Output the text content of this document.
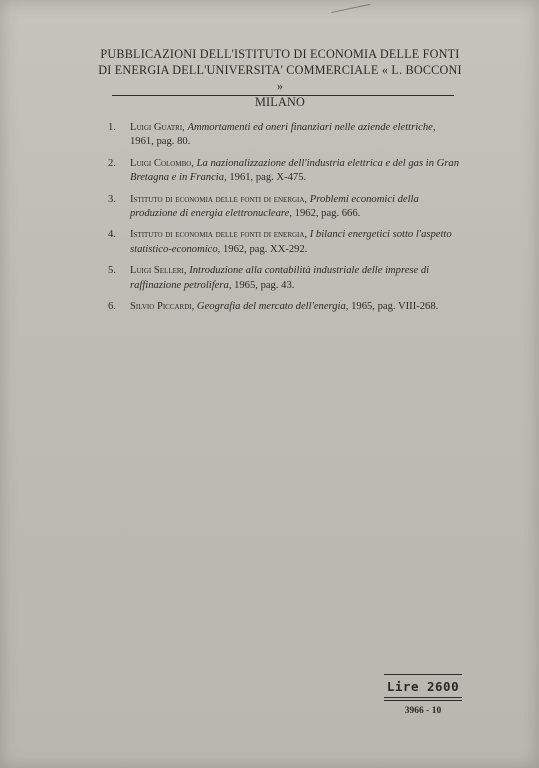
PUBBLICAZIONI DELL'ISTITUTO DI ECONOMIA DELLE FONTI
DI ENERGIA DELL'UNIVERSITA' COMMERCIALE « L. BOCCONI »
MILANO
1. Luigi Guatri, Ammortamenti ed oneri finanziari nelle aziende elettriche, 1961, pag. 80.
2. Luigi Colombo, La nazionalizzazione dell'industria elettrica e del gas in Gran Bretagna e in Francia, 1961, pag. X-475.
3. Istituto di economia delle fonti di energia, Problemi economici della produzione di energia elettronucleare, 1962, pag. 666.
4. Istituto di economia delle fonti di energia, I bilanci energetici sotto l'aspetto statistico-economico, 1962, pag. XX-292.
5. Luigi Selleri, Introduzione alla contabilità industriale delle imprese di raffinazione petrolifera, 1965, pag. 43.
6. Silvio Piccardi, Geografia del mercato dell'energia, 1965, pag. VIII-268.
Lire 2600
3966 - 10
